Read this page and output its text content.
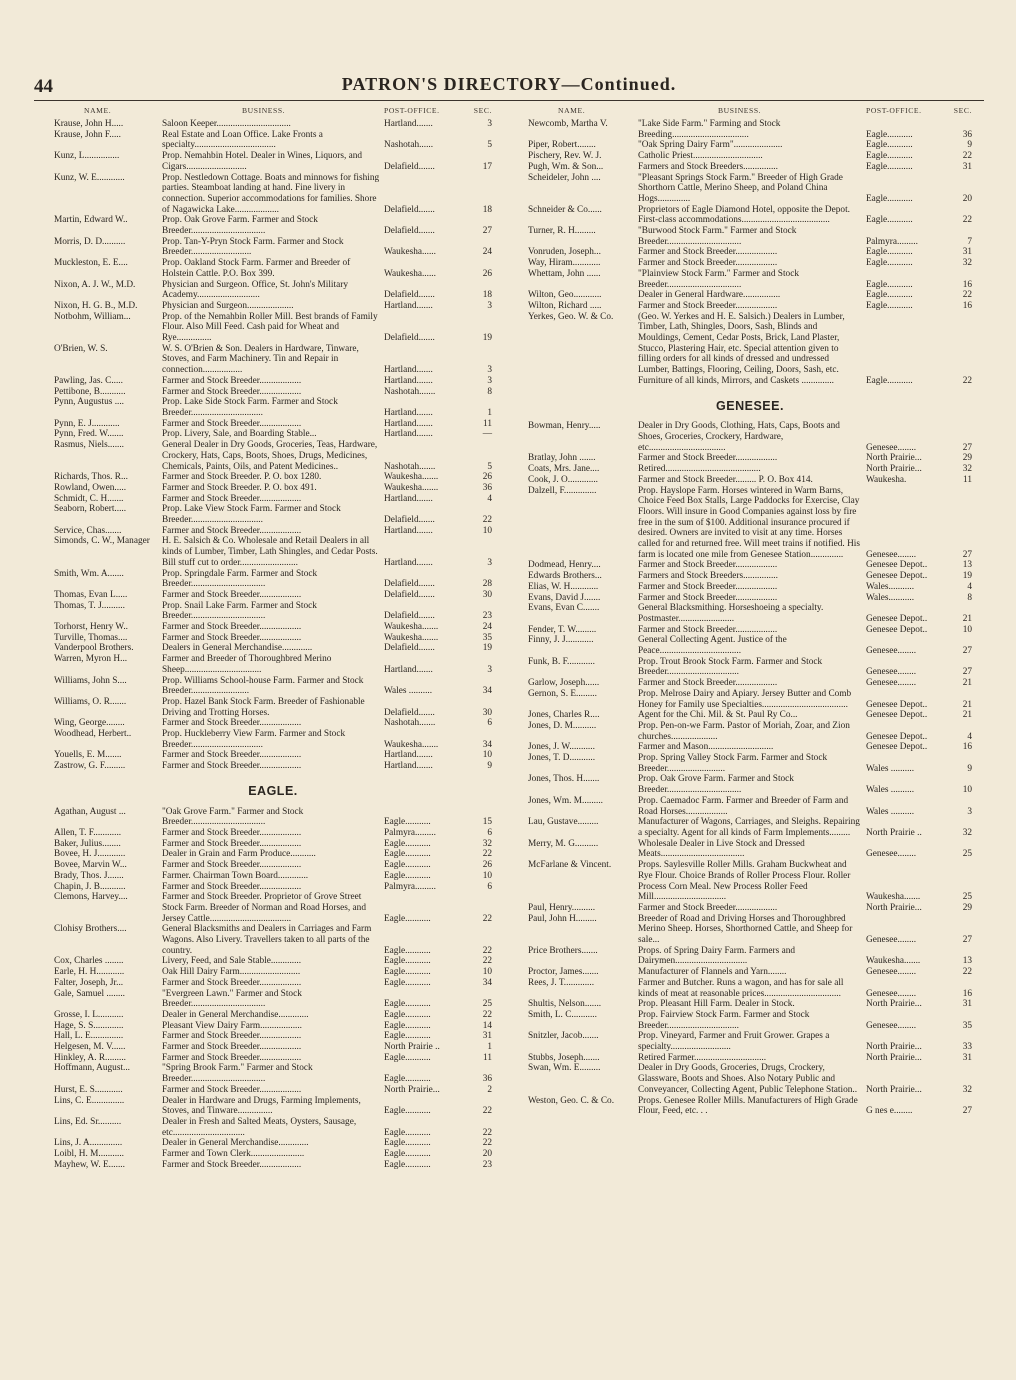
44	PATRON'S DIRECTORY—Continued.
NAME.	BUSINESS.	POST-OFFICE.	SEC.
Krause, John H.....	Saloon Keeper................................	Hartland.......	3
Krause, John F.....	Real Estate and Loan Office. Lake Fronts a specialty...................................	Nashotah......	5
Kunz, L...............	Prop. Nemahbin Hotel. Dealer in Wines, Liquors, and Cigars..........................	Delafield.......	17
Kunz, W. E............	Prop. Nestledown Cottage. Boats and minnows for fishing parties. Steamboat landing at hand. Fine livery in connection. Superior accommodations for families. Shore of Nagawicka Lake...................	Delafield.......	18
Martin, Edward W..	Prop. Oak Grove Farm. Farmer and Stock Breeder................................	Delafield.......	27
Morris, D. D..........	Prop. Tan-Y-Pryn Stock Farm. Farmer and Stock Breeder..........................	Waukesha......	24
Muckleston, E. E....	Prop. Oakland Stock Farm. Farmer and Breeder of Holstein Cattle. P.O. Box 399.	Waukesha......	26
Nixon, A. J. W., M.D.	Physician and Surgeon. Office, St. John's Military Academy...........................	Delafield.......	18
Nixon, H. G. B., M.D.	Physician and Surgeon....................	Hartland.......	3
Notbohm, William...	Prop. of the Nemahbin Roller Mill. Best brands of Family Flour. Also Mill Feed. Cash paid for Wheat and Rye...............	Delafield.......	19
O'Brien, W. S.	W. S. O'Brien & Son. Dealers in Hardware, Tinware, Stoves, and Farm Machinery. Tin and Repair in connection.................	Hartland.......	3
Pawling, Jas. C.....	Farmer and Stock Breeder..................	Hartland.......	3
Pettibone, B...........	Farmer and Stock Breeder..................	Nashotah.......	8
Pynn, Augustus ....	Prop. Lake Side Stock Farm. Farmer and Stock Breeder...............................	Hartland.......	1
Pynn, E. J............	Farmer and Stock Breeder..................	Hartland.......	11
Pynn, Fred. W.......	Prop. Livery, Sale, and Boarding Stable...	Hartland.......	—
Rasmus, Niels.......	General Dealer in Dry Goods, Groceries, Teas, Hardware, Crockery, Hats, Caps, Boots, Shoes, Drugs, Medicines, Chemicals, Paints, Oils, and Patent Medicines..	Nashotah.......	5
Richards, Thos. R...	Farmer and Stock Breeder. P. O. box 1280.	Waukesha.......	26
Rowland, Owen.....	Farmer and Stock Breeder. P. O. box 491.	Waukesha.......	36
Schmidt, C. H.......	Farmer and Stock Breeder..................	Hartland.......	4
Seaborn, Robert.....	Prop. Lake View Stock Farm. Farmer and Stock Breeder...............................	Delafield.......	22
Service, Chas.......	Farmer and Stock Breeder..................	Hartland.......	10
Simonds, C. W., Manager	H. E. Salsich & Co. Wholesale and Retail Dealers in all kinds of Lumber, Timber, Lath Shingles, and Cedar Posts. Bill stuff cut to order.........................	Hartland.......	3
Smith, Wm. A.......	Prop. Springdale Farm. Farmer and Stock Breeder................................	Delafield.......	28
Thomas, Evan L.....	Farmer and Stock Breeder..................	Delafield.......	30
Thomas, T. J..........	Prop. Snail Lake Farm. Farmer and Stock Breeder................................	Delafield.......	23
Torhorst, Henry W..	Farmer and Stock Breeder..................	Waukesha.......	24
Turville, Thomas....	Farmer and Stock Breeder..................	Waukesha.......	35
Vanderpool Brothers.	Dealers in General Merchandise.............	Delafield.......	19
Warren, Myron H...	Farmer and Breeder of Thoroughbred Merino Sheep.................................	Hartland.......	3
Williams, John S....	Prop. Williams School-house Farm. Farmer and Stock Breeder.........................	Wales ..........	34
Williams, O. R.......	Prop. Hazel Bank Stock Farm. Breeder of Fashionable Driving and Trotting Horses.	Delafield.......	30
Wing, George........	Farmer and Stock Breeder..................	Nashotah.......	6
Woodhead, Herbert..	Prop. Huckleberry View Farm. Farmer and Stock Breeder...............................	Waukesha.......	34
Youells, E. M.......	Farmer and Stock Breeder..................	Hartland.......	10
Zastrow, G. F.........	Farmer and Stock Breeder..................	Hartland.......	9
EAGLE.
Agathan, August ...	"Oak Grove Farm." Farmer and Stock Breeder................................	Eagle...........	15
Allen, T. F............	Farmer and Stock Breeder..................	Palmyra.........	6
Baker, Julius........	Farmer and Stock Breeder..................	Eagle...........	32
Bovee, H. J............	Dealer in Grain and Farm Produce...........	Eagle...........	22
Bovee, Marvin W...	Farmer and Stock Breeder..................	Eagle...........	26
Brady, Thos. J.......	Farmer. Chairman Town Board.............	Eagle...........	10
Chapin, J. B...........	Farmer and Stock Breeder..................	Palmyra.........	6
Clemons, Harvey....	Farmer and Stock Breeder. Proprietor of Grove Street Stock Farm. Breeder of Norman and Road Horses, and Jersey Cattle...................................	Eagle...........	22
Clohisy Brothers....	General Blacksmiths and Dealers in Carriages and Farm Wagons. Also Livery. Travellers taken to all parts of the country.	Eagle...........	22
Cox, Charles ........	Livery, Feed, and Sale Stable.............	Eagle...........	22
Earle, H. H............	Oak Hill Dairy Farm..........................	Eagle...........	10
Falter, Joseph, Jr...	Farmer and Stock Breeder..................	Eagle...........	34
Gale, Samuel ........	"Evergreen Lawn." Farmer and Stock Breeder................................	Eagle...........	25
Grosse, I. L...........	Dealer in General Merchandise.............	Eagle...........	22
Hage, S. S.............	Pleasant View Dairy Farm..................	Eagle...........	14
Hall, L. E..............	Farmer and Stock Breeder..................	Eagle...........	31
Helgesen, M. V......	Farmer and Stock Breeder..................	North Prairie ..	1
Hinkley, A. R.........	Farmer and Stock Breeder..................	Eagle...........	11
Hoffmann, August...	"Spring Brook Farm." Farmer and Stock Breeder................................	Eagle...........	36
Hurst, E. S............	Farmer and Stock Breeder..................	North Prairie...	2
Lins, C. E..............	Dealer in Hardware and Drugs, Farming Implements, Stoves, and Tinware...............	Eagle...........	22
Lins, Ed. Sr..........	Dealer in Fresh and Salted Meats, Oysters, Sausage, etc...............................	Eagle...........	22
Lins, J. A..............	Dealer in General Merchandise.............	Eagle...........	22
Loibl, H. M...........	Farmer and Town Clerk.......................	Eagle...........	20
Mayhew, W. E.......	Farmer and Stock Breeder..................	Eagle...........	23
NAME.	BUSINESS.	POST-OFFICE.	SEC.
Newcomb, Martha V.	"Lake Side Farm." Farming and Stock Breeding.................................	Eagle...........	36
Piper, Robert........	"Oak Spring Dairy Farm".....................	Eagle...........	9
Pischery, Rev. W. J.	Catholic Priest..............................	Eagle...........	22
Pugh, Wm. & Son...	Farmers and Stock Breeders...............	Eagle...........	31
Scheideler, John ....	"Pleasant Springs Stock Farm." Breeder of High Grade Shorthorn Cattle, Merino Sheep, and Poland China Hogs..............	Eagle...........	20
Schneider & Co......	Proprietors of Eagle Diamond Hotel, opposite the Depot. First-class accommodations......................................	Eagle...........	22
Turner, R. H.........	"Burwood Stock Farm." Farmer and Stock Breeder................................	Palmyra.........	7
Vonruden, Joseph...	Farmer and Stock Breeder..................	Eagle...........	31
Way, Hiram............	Farmer and Stock Breeder..................	Eagle...........	32
Whettam, John ......	"Plainview Stock Farm." Farmer and Stock Breeder................................	Eagle...........	16
Wilton, Geo............	Dealer in General Hardware................	Eagle...........	22
Wilton, Richard .....	Farmer and Stock Breeder..................	Eagle...........	16
Yerkes, Geo. W. & Co.	(Geo. W. Yerkes and H. E. Salsich.) Dealers in Lumber, Timber, Lath, Shingles, Doors, Sash, Blinds and Mouldings, Cement, Cedar Posts, Brick, Land Plaster, Stucco, Plastering Hair, etc. Special attention given to filling orders for all kinds of dressed and undressed Lumber, Battings, Flooring, Ceiling, Doors, Sash, etc. Furniture of all kinds, Mirrors, and Caskets ..............	Eagle...........	22
GENESEE.
Bowman, Henry.....	Dealer in Dry Goods, Clothing, Hats, Caps, Boots and Shoes, Groceries, Crockery, Hardware, etc.................................	Genesee........	27
Bratlay, John .......	Farmer and Stock Breeder..................	North Prairie...	29
Coats, Mrs. Jane....	Retired.........................................	North Prairie...	32
Cook, J. O.............	Farmer and Stock Breeder......... P. O. Box 414.	Waukesha.	11
Dalzell, F..............	Prop. Hayslope Farm. Horses wintered in Warm Barns, Choice Feed Box Stalls, Large Paddocks for Exercise, Clay Floors. Will insure in Good Companies against loss by fire free in the sum of $100. Additional insurance procured if desired. Owners are invited to visit at any time. Horses called for and returned free. Will meet trains if notified. His farm is located one mile from Genesee Station..............	Genesee........	27
Dodmead, Henry....	Farmer and Stock Breeder..................	Genesee Depot..	13
Edwards Brothers...	Farmers and Stock Breeders...............	Genesee Depot..	19
Elias, W. H............	Farmer and Stock Breeder..................	Wales...........	4
Evans, David J.......	Farmer and Stock Breeder..................	Wales...........	8
Evans, Evan C.......	General Blacksmithing. Horseshoeing a specialty. Postmaster........................	Genesee Depot..	21
Fender, T. W.........	Farmer and Stock Breeder..................	Genesee Depot..	10
Finny, J. J............	General Collecting Agent. Justice of the Peace...................................	Genesee........	27
Funk, B. F............	Prop. Trout Brook Stock Farm. Farmer and Stock Breeder...............................	Genesee........	27
Garlow, Joseph......	Farmer and Stock Breeder..................	Genesee........	21
Gernon, S. E.........	Prop. Melrose Dairy and Apiary. Jersey Butter and Comb Honey for Family use Specialties.....................................	Genesee Depot..	21
Jones, Charles R....	Agent for the Chi. Mil. & St. Paul Ry Co...	Genesee Depot..	21
Jones, D. M..........	Prop. Pen-on-we Farm. Pastor of Moriah, Zoar, and Zion churches....................	Genesee Depot..	4
Jones, J. W...........	Farmer and Mason............................	Genesee Depot..	16
Jones, T. D...........	Prop. Spring Valley Stock Farm. Farmer and Stock Breeder.........................	Wales ..........	9
Jones, Thos. H.......	Prop. Oak Grove Farm. Farmer and Stock Breeder................................	Wales ..........	10
Jones, Wm. M.........	Prop. Caemadoc Farm. Farmer and Breeder of Farm and Road Horses..................	Wales ..........	3
Lau, Gustave.........	Manufacturer of Wagons, Carriages, and Sleighs. Repairing a specialty. Agent for all kinds of Farm Implements.........	North Prairie ..	32
Merry, M. G..........	Wholesale Dealer in Live Stock and Dressed Meats....................................	Genesee........	25
McFarlane & Vincent.	Props. Saylesville Roller Mills. Graham Buckwheat and Rye Flour. Choice Brands of Roller Process Flour. Roller Process Corn Meal. New Process Roller Feed Mill...............................	Waukesha.......	25
Paul, Henry..........	Farmer and Stock Breeder..................	North Prairie...	29
Paul, John H.........	Breeder of Road and Driving Horses and Thoroughbred Merino Sheep. Horses, Shorthorned Cattle, and Sheep for sale...	Genesee........	27
Price Brothers.......	Props. of Spring Dairy Farm. Farmers and Dairymen...............................	Waukesha.......	13
Proctor, James.......	Manufacturer of Flannels and Yarn........	Genesee........	22
Rees, J. T.............	Farmer and Butcher. Runs a wagon, and has for sale all kinds of meat at reasonable prices.................................	Genesee........	16
Shultis, Nelson.......	Prop. Pleasant Hill Farm. Dealer in Stock.	North Prairie...	31
Smith, L. C...........	Prop. Fairview Stock Farm. Farmer and Stock Breeder...............................	Genesee........	35
Snitzler, Jacob.......	Prop. Vineyard, Farmer and Fruit Grower. Grapes a specialty..........................	North Prairie...	33
Stubbs, Joseph.......	Retired Farmer...............................	North Prairie...	31
Swan, Wm. E.........	Dealer in Dry Goods, Groceries, Drugs, Crockery, Glassware, Boots and Shoes. Also Notary Public and Conveyancer, Collecting Agent, Public Telephone Station.. North Prairie...	32
Weston, Geo. C. & Co.	Props. Genesee Roller Mills. Manufacturers of High Grade Flour, Feed, etc. . .	G nes e........	27
